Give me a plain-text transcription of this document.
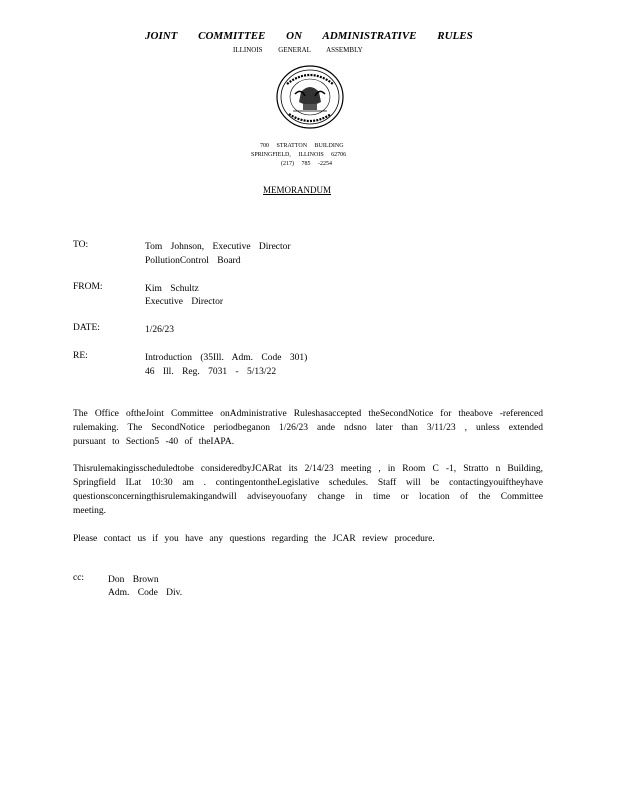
JOINT COMMITTEE ON ADMINISTRATIVE RULES
ILLINOIS GENERAL ASSEMBLY
700 STRATTON BUILDING
SPRINGFIELD, ILLINOIS 62706
(217) 785 -2254
MEMORANDUM
TO:	Tom Johnson, Executive Director
PollutionControl Board
FROM:	Kim Schultz
Executive Director
DATE:	1/26/23
RE:	Introduction (35Ill. Adm. Code 301)
46 Ill. Reg. 7031 - 5/13/22
The Office oftheJoint Committee onAdministrative Ruleshasaccepted theSecondNotice for theabove -referenced rulemaking. The SecondNotice periodbeganon 1/26/23 ande ndsno later than 3/11/23 , unless extended pursuant to Section5 -40 of theIAPA.
Thisrulemakingisscheduledtobe consideredbyJCARat its 2/14/23 meeting , in Room C -1, Stratto n Building, Springfield ILat 10:30 am . contingentontheLegislative schedules. Staff will be contactingyouiftheyhave questionsconcerningthisrulemakingandwill adviseyouofany change in time or location of the Committee meeting.
Please contact us if you have any questions regarding the JCAR review procedure.
cc:	Don Brown
Adm. Code Div.
